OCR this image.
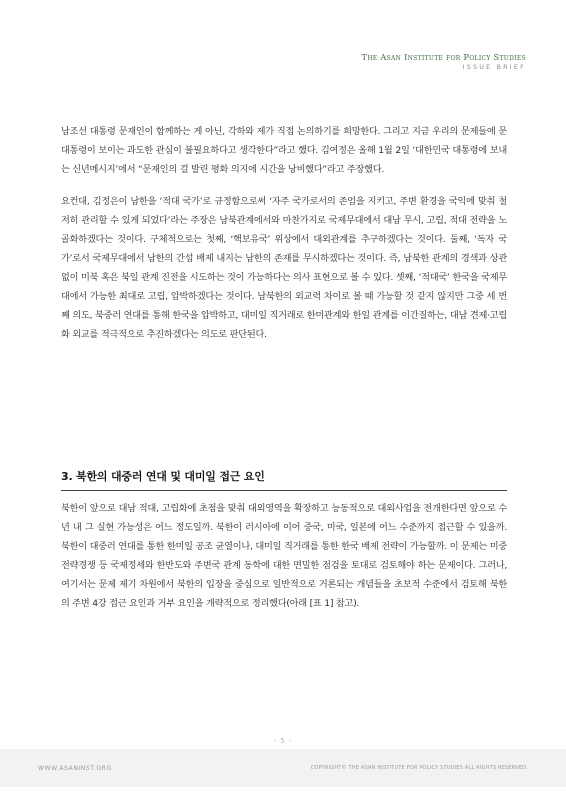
The Asan Institute for Policy Studies
ISSUE BRIEF

남조선 대통령 문재인이 함께하는 게 아닌, 각하와 제가 직접 논의하기를 희망한다. 그리고 지금 우리의 문제들에 문 대통령이 보이는 과도한 관심이 불필요하다고 생각한다”라고 했다. 김여정은 올해 1월 2일 ‘대한민국 대통령에 보내는 신년메시지’에서 “문재인의 걸 발린 평화 의지에 시간을 낭비했다”라고 주장했다.

요컨대, 김정은이 남한을 ‘적대 국가’로 규정함으로써 ‘자주 국가로서의 존엄을 지키고, 주변 환경을 국익에 맞춰 철저히 관리할 수 있게 되었다’라는 주장은 남북관계에서와 마찬가지로 국제무대에서 대남 무시, 고립, 적대 전략을 노골화하겠다는 것이다. 구체적으로는 첫째, ‘핵보유국’ 위상에서 대외관계를 추구하겠다는 것이다. 둘째, ‘독자 국가’로서 국제무대에서 남한의 간섭 배제 내지는 남한의 존재를 무시하겠다는 것이다. 즉, 남북한 관계의 경색과 상관없이 미북 혹은 북일 관계 진전을 시도하는 것이 가능하다는 의사 표현으로 볼 수 있다. 셋째, ‘적대국’ 한국을 국제무대에서 가능한 최대로 고립, 압박하겠다는 것이다. 남북한의 외교력 차이로 볼 때 가능할 것 같지 않지만 그중 세 번째 의도, 북중러 연대를 통해 한국을 압박하고, 대미일 직거래로 한미관계와 한일 관계를 이간질하는, 대남 견제·고립화 외교를 적극적으로 추진하겠다는 의도로 판단된다.

3. 북한의 대중러 연대 및 대미일 접근 요인

북한이 앞으로 대남 적대, 고립화에 초점을 맞춰 대외영역을 확장하고 능동적으로 대외사업을 전개한다면 앞으로 수년 내 그 실현 가능성은 어느 정도일까. 북한이 러시아에 이어 중국, 미국, 일본에 어느 수준까지 접근할 수 있을까. 북한이 대중러 연대를 통한 한미일 공조 균열이나, 대미일 직거래를 통한 한국 배제 전략이 가능할까. 이 문제는 미중 전략경쟁 등 국제정세와 한반도와 주변국 관계 동학에 대한 면밀한 점검을 토대로 검토해야 하는 문제이다. 그러나, 여기서는 문제 제기 차원에서 북한의 입장을 중심으로 일반적으로 거론되는 개념들을 초보적 수준에서 검토해 북한의 주변 4강 접근 요인과 거부 요인을 개략적으로 정리했다(아래 [표 1] 참고).

- 5 -
WWW.ASANINST.ORG	COPYRIGHT© THE ASAN INSTITUTE FOR POLICY STUDIES ALL RIGHTS RESERVED.
